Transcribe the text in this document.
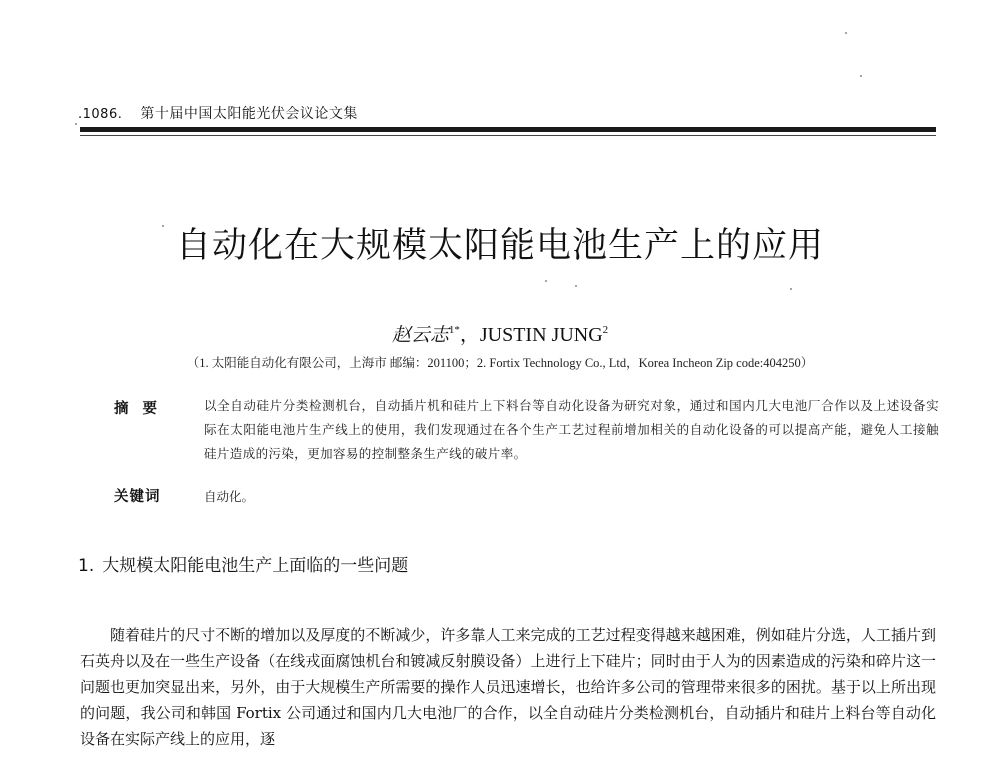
.1086. 第十届中国太阳能光伏会议论文集
自动化在大规模太阳能电池生产上的应用
赵云志$^{1*}$，JUSTIN JUNG$^2$
（1. 太阳能自动化有限公司，上海市 邮编：201100；2. Fortix Technology Co., Ltd，Korea Incheon Zip code:404250）
摘要	以全自动硅片分类检测机台，自动插片机和硅片上下料台等自动化设备为研究对象，通过和国内几大电池厂合作以及上述设备实际在太阳能电池片生产线上的使用，我们发现通过在各个生产工艺过程前增加相关的自动化设备的可以提高产能，避免人工接触硅片造成的污染，更加容易的控制整条生产线的破片率。
关键词	自动化。
1. 大规模太阳能电池生产上面临的一些问题

随着硅片的尺寸不断的增加以及厚度的不断减少，许多靠人工来完成的工艺过程变得越来越困难，例如硅片分选，人工插片到石英舟以及在一些生产设备（在线戎面腐蚀机台和镀减反射膜设备）上进行上下硅片；同时由于人为的因素造成的污染和碎片这一问题也更加突显出来，另外，由于大规模生产所需要的操作人员迅速增长，也给许多公司的管理带来很多的困扰。基于以上所出现的问题，我公司和韩国 Fortix 公司通过和国内几大电池厂的合作，以全自动硅片分类检测机台，自动插片和硅片上料台等自动化设备在实际产线上的应用，逐
